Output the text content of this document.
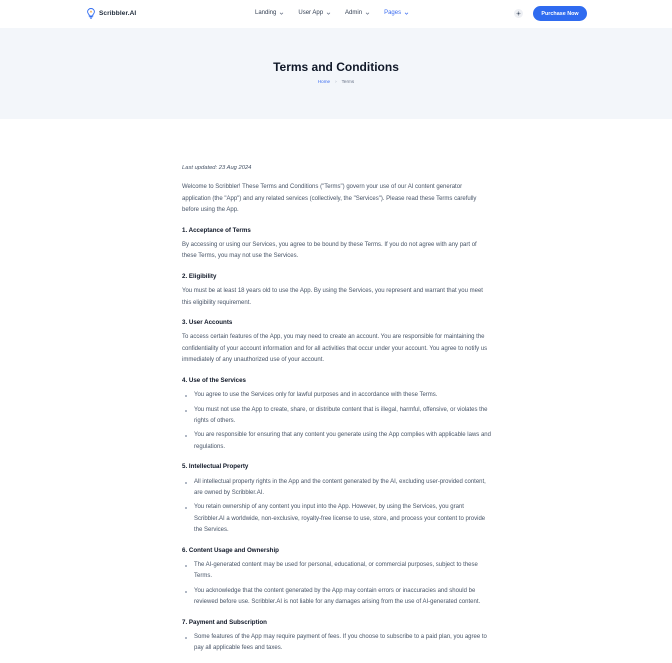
Scribbler.AI	Landing	User App	Admin	Pages	Purchase Now
Terms and Conditions
Home › Terms

Last updated: 23 Aug 2024

Welcome to Scribbler! These Terms and Conditions ("Terms") govern your use of our AI content generator application (the "App") and any related services (collectively, the "Services"). Please read these Terms carefully before using the App.

1. Acceptance of Terms

By accessing or using our Services, you agree to be bound by these Terms. If you do not agree with any part of these Terms, you may not use the Services.

2. Eligibility

You must be at least 18 years old to use the App. By using the Services, you represent and warrant that you meet this eligibility requirement.

3. User Accounts

To access certain features of the App, you may need to create an account. You are responsible for maintaining the confidentiality of your account information and for all activities that occur under your account. You agree to notify us immediately of any unauthorized use of your account.

4. Use of the Services
You agree to use the Services only for lawful purposes and in accordance with these Terms.
You must not use the App to create, share, or distribute content that is illegal, harmful, offensive, or violates the rights of others.
You are responsible for ensuring that any content you generate using the App complies with applicable laws and regulations.
5. Intellectual Property
All intellectual property rights in the App and the content generated by the AI, excluding user-provided content, are owned by Scribbler.AI.
You retain ownership of any content you input into the App. However, by using the Services, you grant Scribbler.AI a worldwide, non-exclusive, royalty-free license to use, store, and process your content to provide the Services.
6. Content Usage and Ownership
The AI-generated content may be used for personal, educational, or commercial purposes, subject to these Terms.
You acknowledge that the content generated by the App may contain errors or inaccuracies and should be reviewed before use. Scribbler.AI is not liable for any damages arising from the use of AI-generated content.
7. Payment and Subscription
Some features of the App may require payment of fees. If you choose to subscribe to a paid plan, you agree to pay all applicable fees and taxes.
